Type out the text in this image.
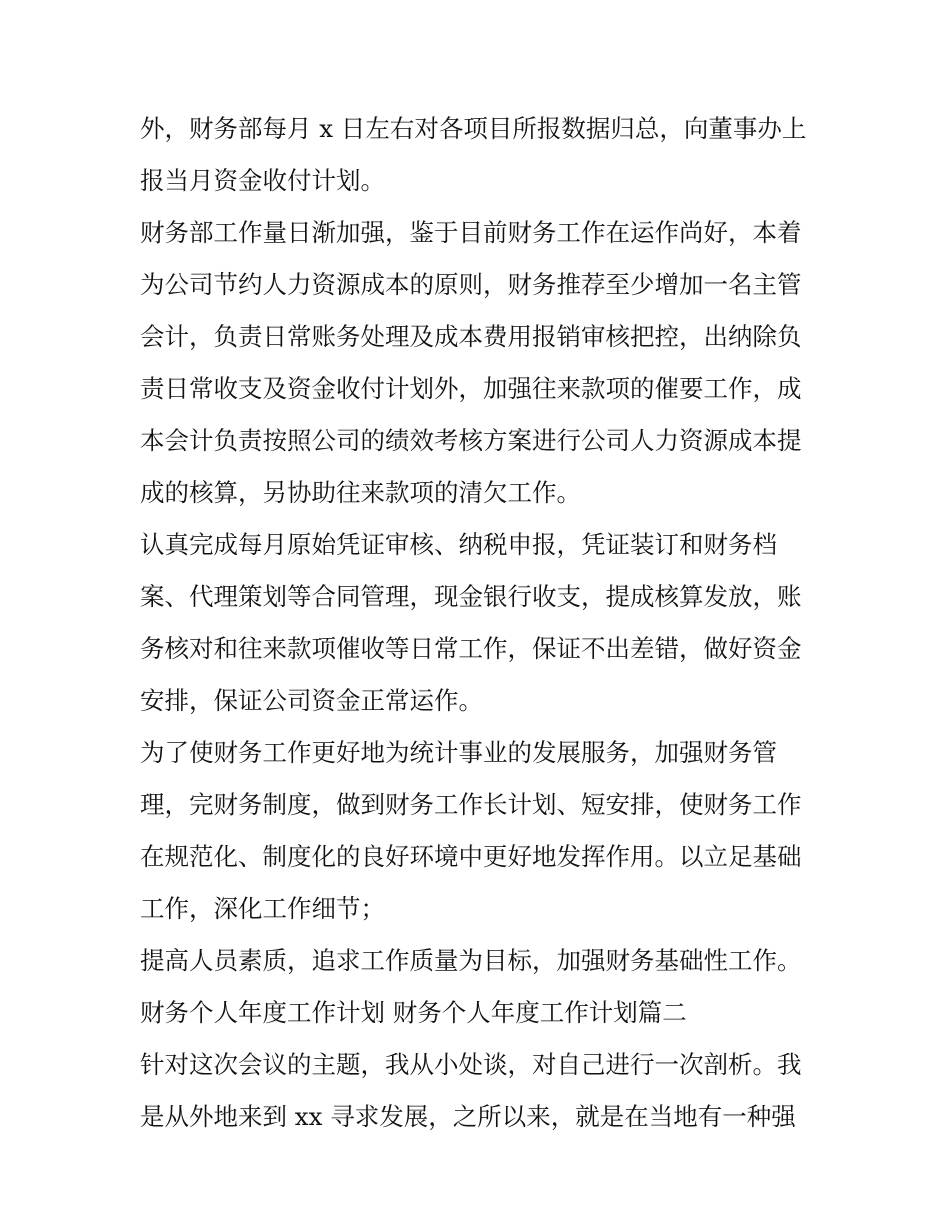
外，财务部每月 x 日左右对各项目所报数据归总，向董事办上
报当月资金收付计划。
财务部工作量日渐加强，鉴于目前财务工作在运作尚好，本着
为公司节约人力资源成本的原则，财务推荐至少增加一名主管
会计，负责日常账务处理及成本费用报销审核把控，出纳除负
责日常收支及资金收付计划外，加强往来款项的催要工作，成
本会计负责按照公司的绩效考核方案进行公司人力资源成本提
成的核算，另协助往来款项的清欠工作。
认真完成每月原始凭证审核、纳税申报，凭证装订和财务档
案、代理策划等合同管理，现金银行收支，提成核算发放，账
务核对和往来款项催收等日常工作，保证不出差错，做好资金
安排，保证公司资金正常运作。
为了使财务工作更好地为统计事业的发展服务，加强财务管
理，完财务制度，做到财务工作长计划、短安排，使财务工作
在规范化、制度化的良好环境中更好地发挥作用。以立足基础
工作，深化工作细节；
提高人员素质，追求工作质量为目标，加强财务基础性工作。
财务个人年度工作计划 财务个人年度工作计划篇二
针对这次会议的主题，我从小处谈，对自己进行一次剖析。我
是从外地来到 xx 寻求发展，之所以来，就是在当地有一种强
